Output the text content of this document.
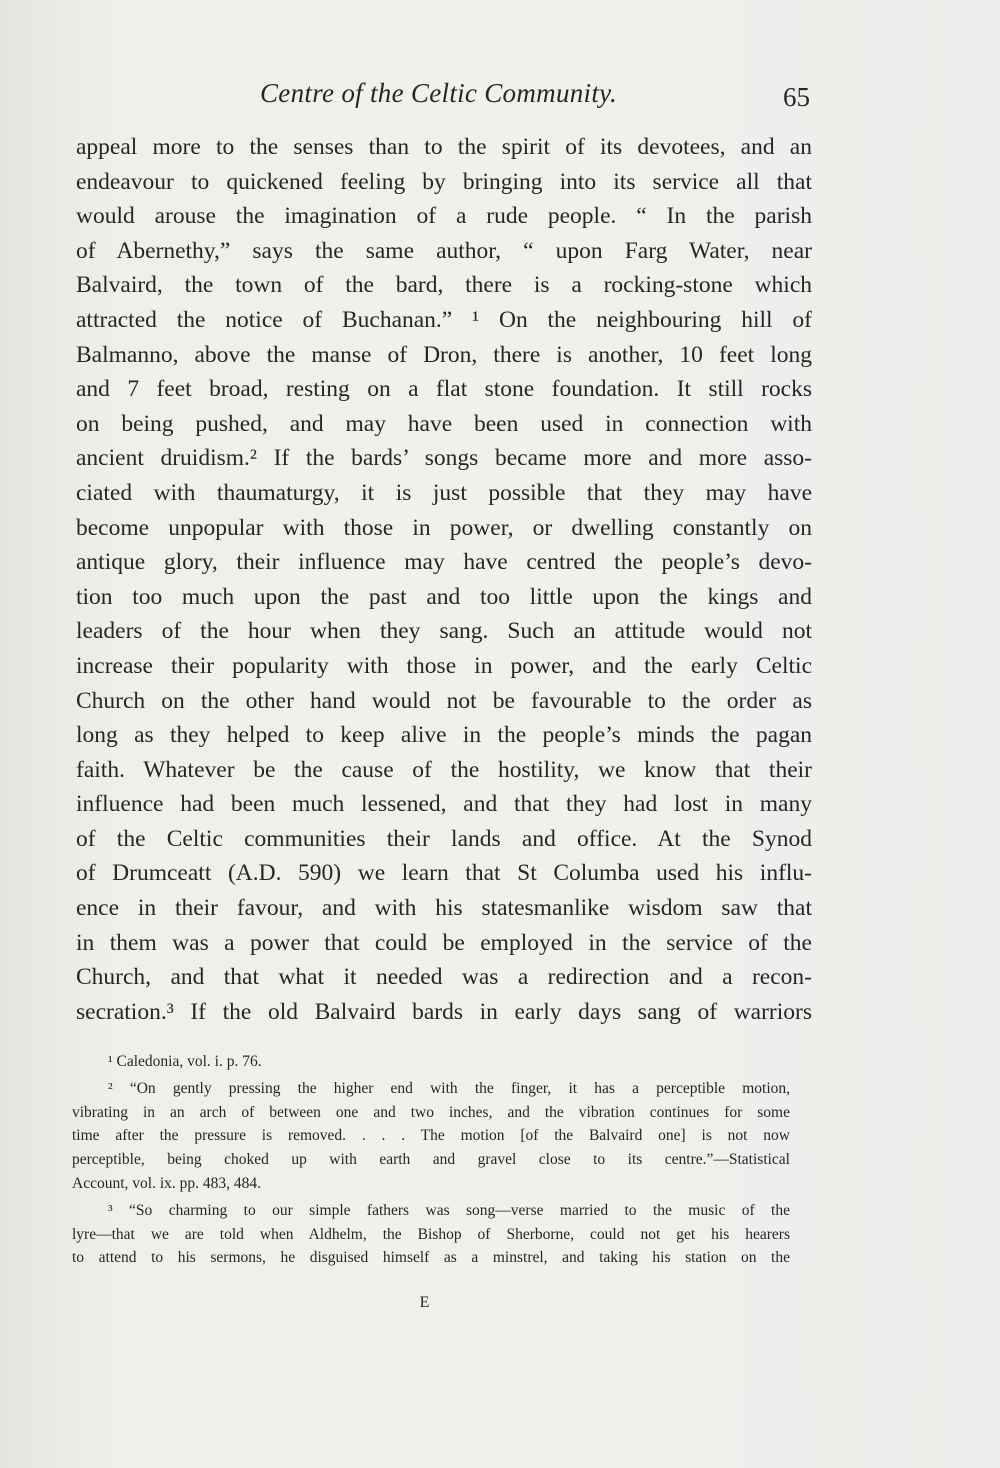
Centre of the Celtic Community.	65
appeal more to the senses than to the spirit of its devotees, and an
endeavour to quickened feeling by bringing into its service all that
would arouse the imagination of a rude people. “ In the parish
of Abernethy,” says the same author, “ upon Farg Water, near
Balvaird, the town of the bard, there is a rocking-stone which
attracted the notice of Buchanan.” ¹ On the neighbouring hill of
Balmanno, above the manse of Dron, there is another, 10 feet long
and 7 feet broad, resting on a flat stone foundation. It still rocks
on being pushed, and may have been used in connection with
ancient druidism.² If the bards’ songs became more and more asso-
ciated with thaumaturgy, it is just possible that they may have
become unpopular with those in power, or dwelling constantly on
antique glory, their influence may have centred the people’s devo-
tion too much upon the past and too little upon the kings and
leaders of the hour when they sang. Such an attitude would not
increase their popularity with those in power, and the early Celtic
Church on the other hand would not be favourable to the order as
long as they helped to keep alive in the people’s minds the pagan
faith. Whatever be the cause of the hostility, we know that their
influence had been much lessened, and that they had lost in many
of the Celtic communities their lands and office. At the Synod
of Drumceatt (A.D. 590) we learn that St Columba used his influ-
ence in their favour, and with his statesmanlike wisdom saw that
in them was a power that could be employed in the service of the
Church, and that what it needed was a redirection and a recon-
secration.³ If the old Balvaird bards in early days sang of warriors
¹ Caledonia, vol. i. p. 76.
² “On gently pressing the higher end with the finger, it has a perceptible motion,
vibrating in an arch of between one and two inches, and the vibration continues for some
time after the pressure is removed. . . . The motion [of the Balvaird one] is not now
perceptible, being choked up with earth and gravel close to its centre.”—Statistical
Account, vol. ix. pp. 483, 484.
³ “So charming to our simple fathers was song—verse married to the music of the
lyre—that we are told when Aldhelm, the Bishop of Sherborne, could not get his hearers
to attend to his sermons, he disguised himself as a minstrel, and taking his station on the
E
